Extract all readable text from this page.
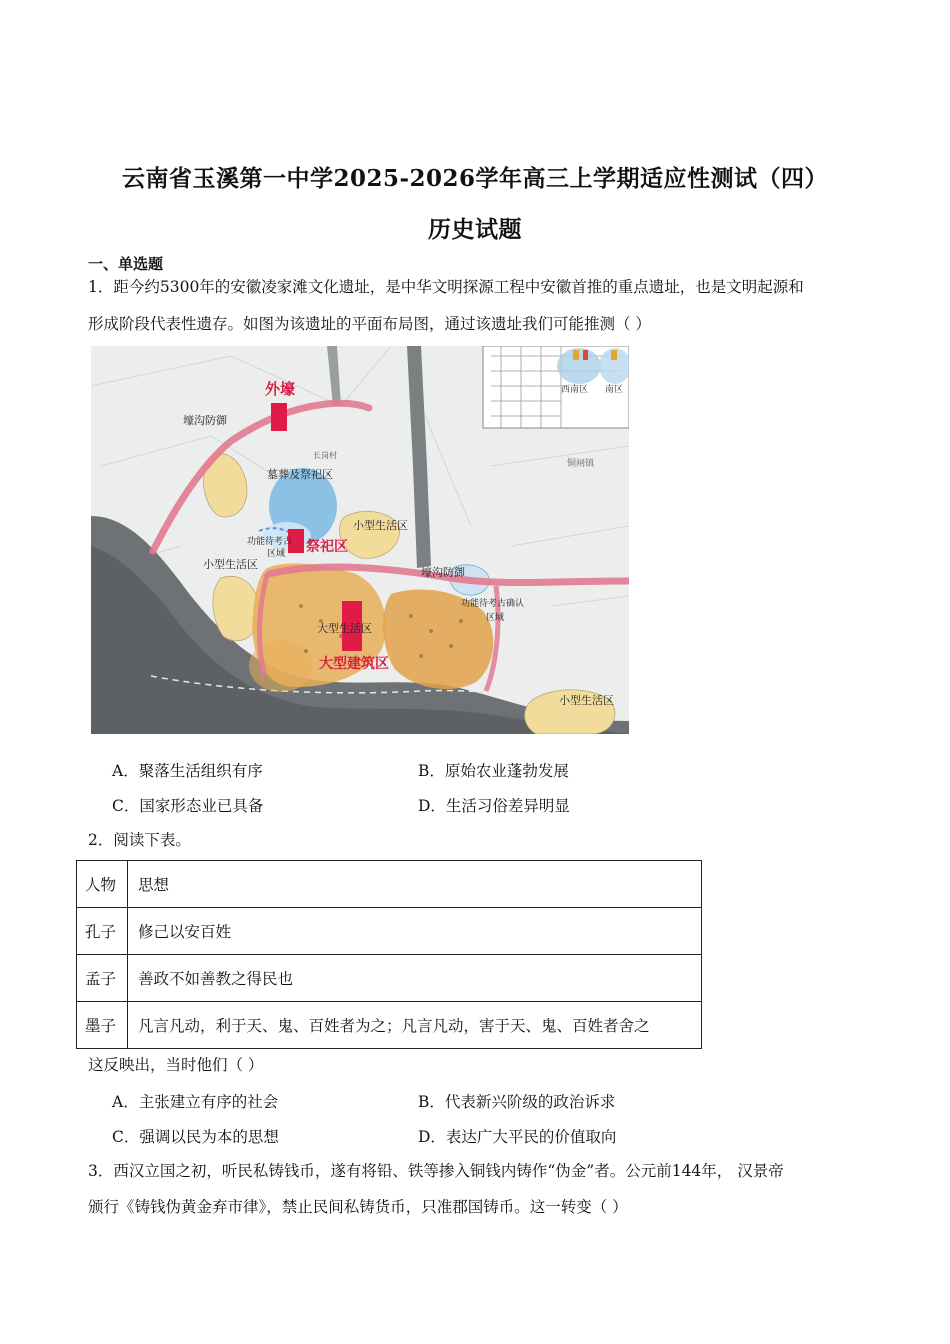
云南省玉溪第一中学2025-2026学年高三上学期适应性测试（四）
历史试题
一、单选题
1．距今约5300年的安徽凌家滩文化遗址，是中华文明探源工程中安徽首推的重点遗址，也是文明起源和
形成阶段代表性遗存。如图为该遗址的平面布局图，通过该遗址我们可能推测（ ）
西南区 南区
外壕
壕沟防御
墓葬及祭祀区
小型生活区
功能待考古
区域 祭祀区
小型生活区
壕沟防御
功能待考古确认
区域
大型生活区
大型建筑区
小型生活区
长岗村
铜闸镇
A．聚落生活组织有序	B．原始农业蓬勃发展
C．国家形态业已具备	D．生活习俗差异明显
2．阅读下表。
人物	思想
孔子	修己以安百姓
孟子	善政不如善教之得民也
墨子	凡言凡动，利于天、鬼、百姓者为之；凡言凡动，害于天、鬼、百姓者舍之
这反映出，当时他们（ ）
A．主张建立有序的社会	B．代表新兴阶级的政治诉求
C．强调以民为本的思想	D．表达广大平民的价值取向
3．西汉立国之初，听民私铸钱币，遂有将铅、铁等掺入铜钱内铸作“伪金”者。公元前144年， 汉景帝
颁行《铸钱伪黄金弃市律》，禁止民间私铸货币，只准郡国铸币。这一转变（ ）
